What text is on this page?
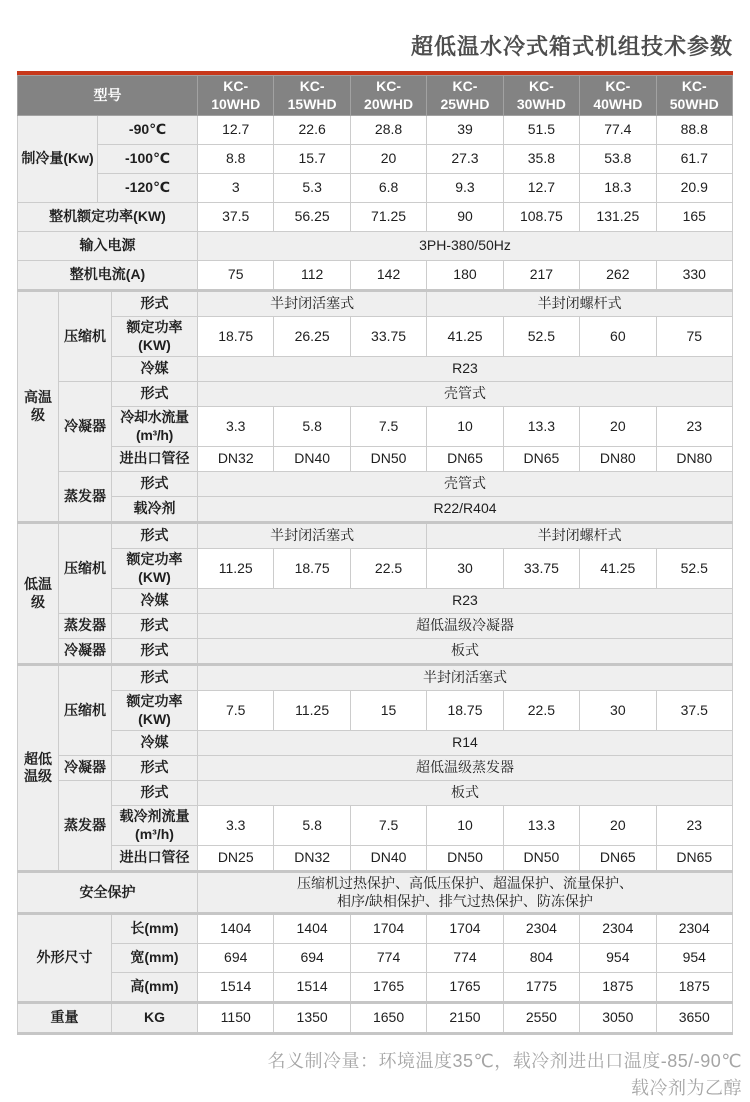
超低温水冷式箱式机组技术参数
型号				KC-10WHD	KC-15WHD	KC-20WHD	KC-25WHD	KC-30WHD	KC-40WHD	KC-50WHD
制冷量(Kw)		-90℃		12.7	22.6	28.8	39	51.5	77.4	88.8
		-100℃		8.8	15.7	20	27.3	35.8	53.8	61.7
		-120℃		3	5.3	6.8	9.3	12.7	18.3	20.9
整机额定功率(KW)				37.5	56.25	71.25	90	108.75	131.25	165
输入电源				3PH-380/50Hz						
整机电流(A)				75	112	142	180	217	262	330
高温级	压缩机		形式	半封闭活塞式			半封闭螺杆式			
			额定功率(KW)	18.75	26.25	33.75	41.25	52.5	60	75
			冷媒	R23						
	冷凝器		形式	壳管式						
			冷却水流量(m³/h)	3.3	5.8	7.5	10	13.3	20	23
			进出口管径	DN32	DN40	DN50	DN65	DN65	DN80	DN80
	蒸发器		形式	壳管式						
			载冷剂	R22/R404						
低温级	压缩机		形式	半封闭活塞式			半封闭螺杆式			
			额定功率(KW)	11.25	18.75	22.5	30	33.75	41.25	52.5
			冷媒	R23						
	蒸发器		形式	超低温级冷凝器						
	冷凝器		形式	板式						
超低
温级	压缩机		形式	半封闭活塞式						
			额定功率(KW)	7.5	11.25	15	18.75	22.5	30	37.5
			冷媒	R14						
	冷凝器		形式	超低温级蒸发器						
	蒸发器		形式	板式						
			载冷剂流量
(m³/h)	3.3	5.8	7.5	10	13.3	20	23
			进出口管径	DN25	DN32	DN40	DN50	DN50	DN65	DN65
安全保护				压缩机过热保护、高低压保护、超温保护、流量保护、
相序/缺相保护、排气过热保护、防冻保护						
外形尺寸			长(mm)	1404	1404	1704	1704	2304	2304	2304
			宽(mm)	694	694	774	774	804	954	954
			高(mm)	1514	1514	1765	1765	1775	1875	1875
重量			KG	1150	1350	1650	2150	2550	3050	3650
名义制冷量：环境温度35℃，载冷剂进出口温度-85/-90℃
载冷剂为乙醇
